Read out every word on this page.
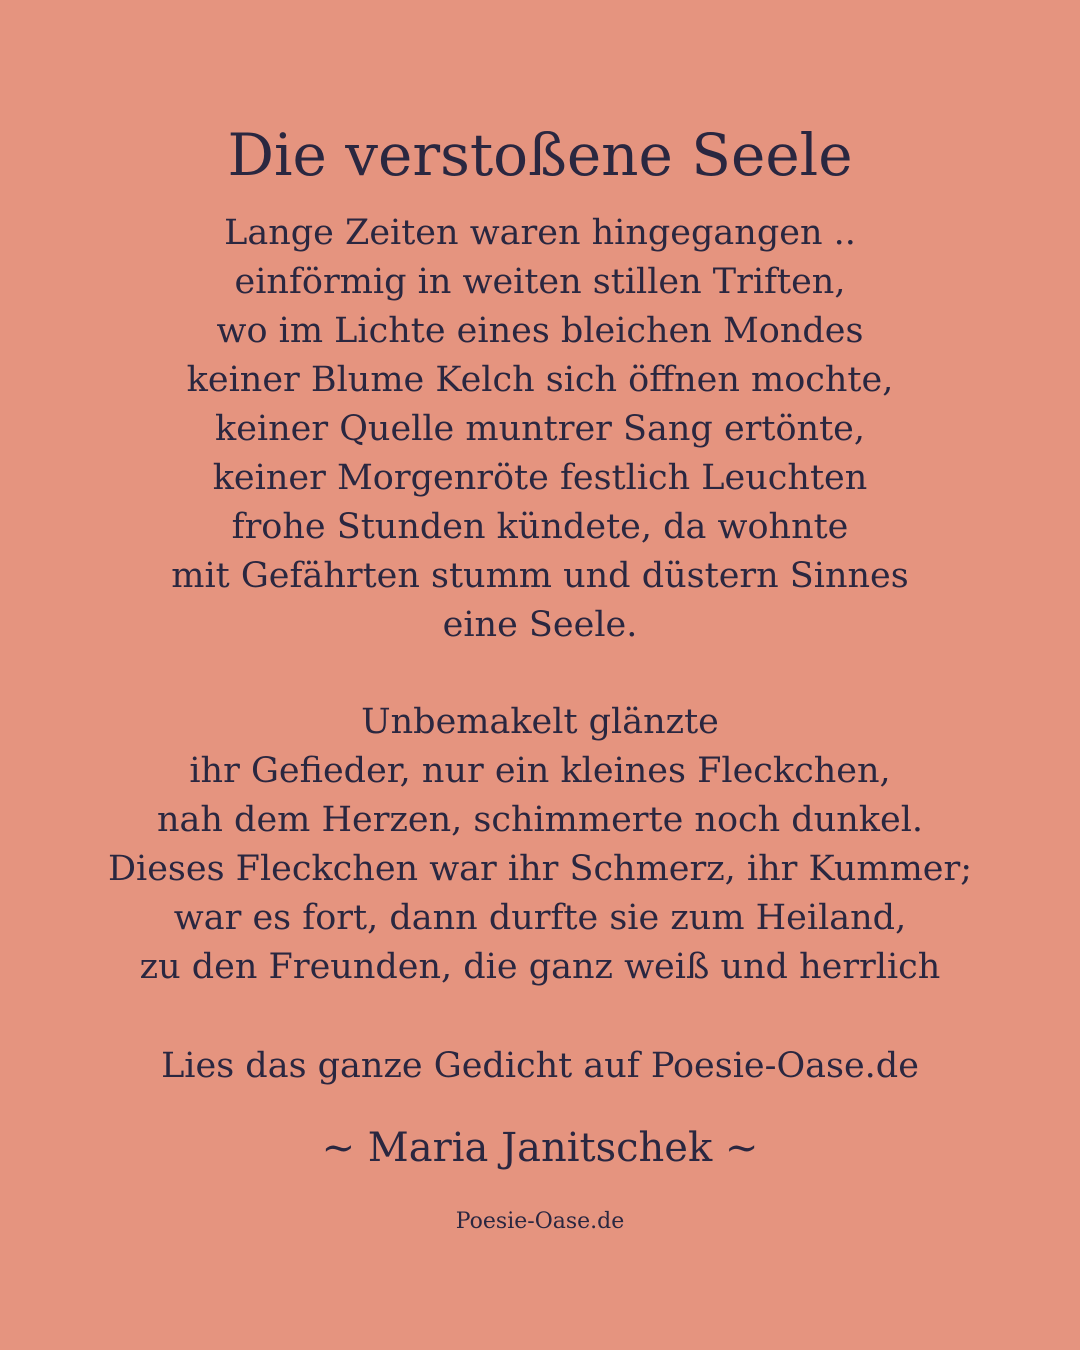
Die verstoßene Seele
Lange Zeiten waren hingegangen ..
einförmig in weiten stillen Triften,
wo im Lichte eines bleichen Mondes
keiner Blume Kelch sich öffnen mochte,
keiner Quelle muntrer Sang ertönte,
keiner Morgenröte festlich Leuchten
frohe Stunden kündete, da wohnte
mit Gefährten stumm und düstern Sinnes
eine Seele.
Unbemakelt glänzte
ihr Gefieder, nur ein kleines Fleckchen,
nah dem Herzen, schimmerte noch dunkel.
Dieses Fleckchen war ihr Schmerz, ihr Kummer;
war es fort, dann durfte sie zum Heiland,
zu den Freunden, die ganz weiß und herrlich
Lies das ganze Gedicht auf Poesie-Oase.de
~ Maria Janitschek ~
Poesie-Oase.de
